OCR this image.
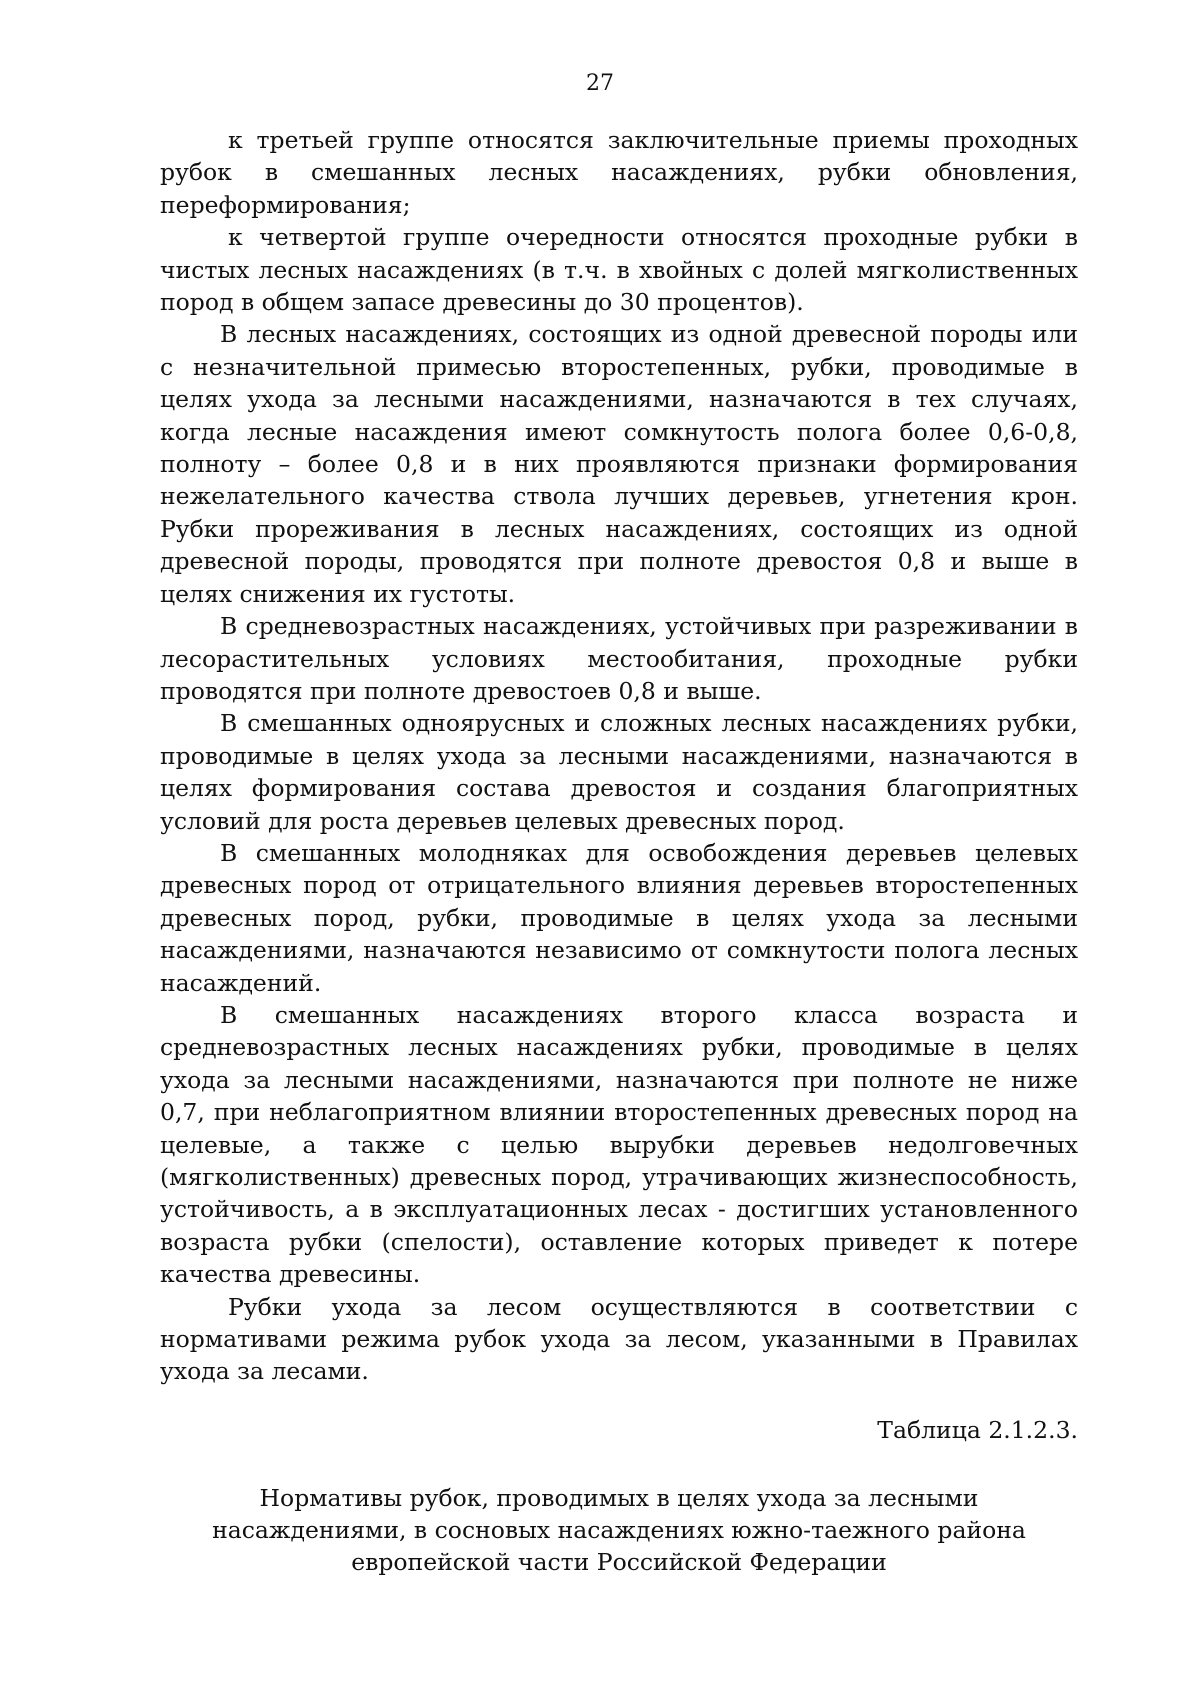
27

к третьей группе относятся заключительные приемы проходных рубок в смешанных лесных насаждениях, рубки обновления, переформирования;

к четвертой группе очередности относятся проходные рубки в чистых лесных насаждениях (в т.ч. в хвойных с долей мягколиственных пород в общем запасе древесины до 30 процентов).

В лесных насаждениях, состоящих из одной древесной породы или с незначительной примесью второстепенных, рубки, проводимые в целях ухода за лесными насаждениями, назначаются в тех случаях, когда лесные насаждения имеют сомкнутость полога более 0,6-0,8, полноту – более 0,8 и в них проявляются признаки формирования нежелательного качества ствола лучших деревьев, угнетения крон. Рубки прореживания в лесных насаждениях, состоящих из одной древесной породы, проводятся при полноте древостоя 0,8 и выше в целях снижения их густоты.

В средневозрастных насаждениях, устойчивых при разреживании в лесорастительных условиях местообитания, проходные рубки проводятся при полноте древостоев 0,8 и выше.

В смешанных одноярусных и сложных лесных насаждениях рубки, проводимые в целях ухода за лесными насаждениями, назначаются в целях формирования состава древостоя и создания благоприятных условий для роста деревьев целевых древесных пород.

В смешанных молодняках для освобождения деревьев целевых древесных пород от отрицательного влияния деревьев второстепенных древесных пород, рубки, проводимые в целях ухода за лесными насаждениями, назначаются независимо от сомкнутости полога лесных насаждений.

В смешанных насаждениях второго класса возраста и средневозрастных лесных насаждениях рубки, проводимые в целях ухода за лесными насаждениями, назначаются при полноте не ниже 0,7, при неблагоприятном влиянии второстепенных древесных пород на целевые, а также с целью вырубки деревьев недолговечных (мягколиственных) древесных пород, утрачивающих жизнеспособность, устойчивость, а в эксплуатационных лесах - достигших установленного возраста рубки (спелости), оставление которых приведет к потере качества древесины.

Рубки ухода за лесом осуществляются в соответствии с нормативами режима рубок ухода за лесом, указанными в Правилах ухода за лесами.

Таблица 2.1.2.3.
Нормативы рубок, проводимых в целях ухода за лесными насаждениями, в сосновых насаждениях южно-таежного района европейской части Российской Федерации
